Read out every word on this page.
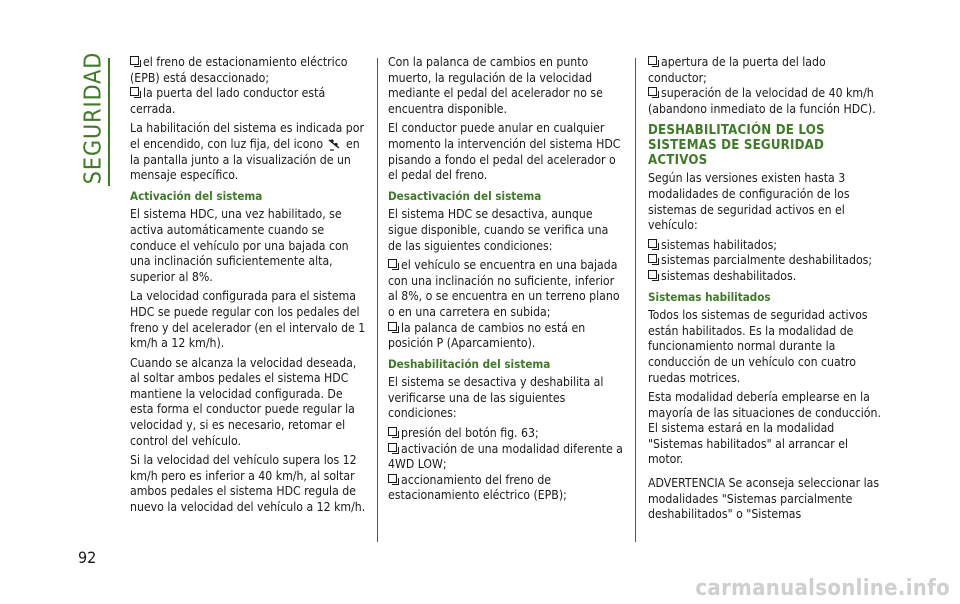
SEGURIDAD
92
el freno de estacionamiento eléctrico (EPB) está desaccionado;
la puerta del lado conductor está cerrada.

La habilitación del sistema es indicada por el encendido, con luz fija, del icono  en la pantalla junto a la visualización de un mensaje específico.

Activación del sistema

El sistema HDC, una vez habilitado, se activa automáticamente cuando se conduce el vehículo por una bajada con una inclinación suficientemente alta, superior al 8%.

La velocidad configurada para el sistema HDC se puede regular con los pedales del freno y del acelerador (en el intervalo de 1 km/h a 12 km/h).

Cuando se alcanza la velocidad deseada, al soltar ambos pedales el sistema HDC mantiene la velocidad configurada. De esta forma el conductor puede regular la velocidad y, si es necesario, retomar el control del vehículo.

Si la velocidad del vehículo supera los 12 km/h pero es inferior a 40 km/h, al soltar ambos pedales el sistema HDC regula de nuevo la velocidad del vehículo a 12 km/h.

Con la palanca de cambios en punto muerto, la regulación de la velocidad mediante el pedal del acelerador no se encuentra disponible.

El conductor puede anular en cualquier momento la intervención del sistema HDC pisando a fondo el pedal del acelerador o el pedal del freno.

Desactivación del sistema

El sistema HDC se desactiva, aunque sigue disponible, cuando se verifica una de las siguientes condiciones:

el vehículo se encuentra en una bajada con una inclinación no suficiente, inferior al 8%, o se encuentra en un terreno plano o en una carretera en subida;
la palanca de cambios no está en posición P (Aparcamiento).
Deshabilitación del sistema

El sistema se desactiva y deshabilita al verificarse una de las siguientes condiciones:

presión del botón fig. 63;
activación de una modalidad diferente a 4WD LOW;
accionamiento del freno de estacionamiento eléctrico (EPB);
apertura de la puerta del lado conductor;
superación de la velocidad de 40 km/h (abandono inmediato de la función HDC).
DESHABILITACIÓN DE LOS SISTEMAS DE SEGURIDAD ACTIVOS

Según las versiones existen hasta 3 modalidades de configuración de los sistemas de seguridad activos en el vehículo:

sistemas habilitados;
sistemas parcialmente deshabilitados;
sistemas deshabilitados.
Sistemas habilitados

Todos los sistemas de seguridad activos están habilitados. Es la modalidad de funcionamiento normal durante la conducción de un vehículo con cuatro ruedas motrices.

Esta modalidad debería emplearse en la mayoría de las situaciones de conducción. El sistema estará en la modalidad "Sistemas habilitados" al arrancar el motor.

ADVERTENCIA Se aconseja seleccionar las modalidades "Sistemas parcialmente deshabilitados" o "Sistemas

carmanualsonline.info
